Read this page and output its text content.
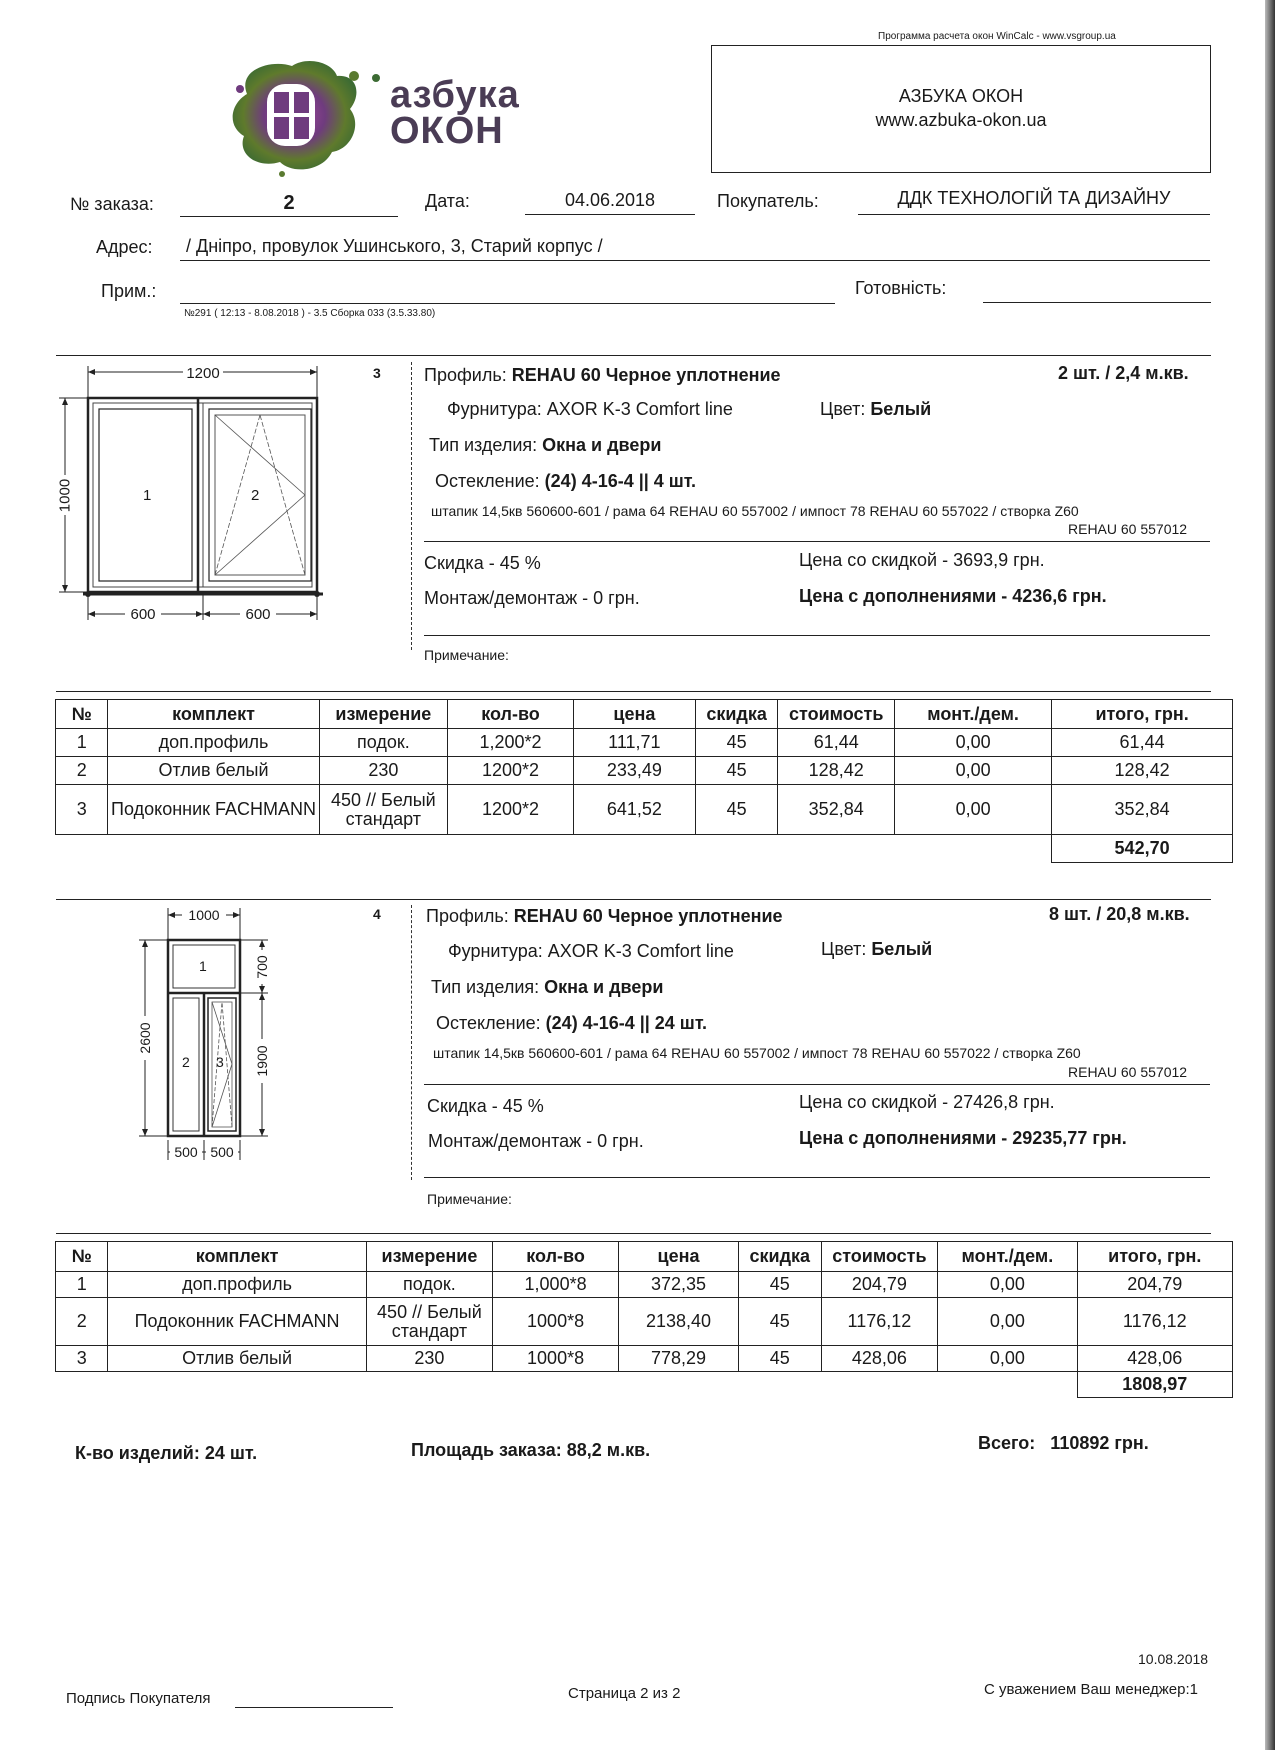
Программа расчета окон WinCalc - www.vsgroup.ua
азбука
ОКОН
АЗБУКА ОКОН
www.azbuka-okon.ua
№ заказа:	2	Дата:	04.06.2018	Покупатель:	ДДК ТЕХНОЛОГІЙ ТА ДИЗАЙНУ
Адрес: / Дніпро, провулок Ушинського, 3, Старий корпус /
Прим.:	Готовність:
№291 ( 12:13 - 8.08.2018 ) - 3.5 Сборка 033 (3.5.33.80)
1200
1000
600	600
1	2
3 Профиль: REHAU 60 Черное уплотнение	2 шт. / 2,4 м.кв.
Фурнитура: AXOR K-3 Comfort line	Цвет: Белый
Тип изделия: Окна и двери
Остекление: (24) 4-16-4 || 4 шт.
штапик 14,5кв 560600-601 / рама 64 REHAU 60 557002 / импост 78 REHAU 60 557022 / створка Z60
REHAU 60 557012
Скидка - 45 %	Цена со скидкой - 3693,9 грн.
Монтаж/демонтаж - 0 грн.	Цена с дополнениями - 4236,6 грн.
Примечание:
№	комплект	измерение	кол-во	цена	скидка	стоимость	монт./дем.	итого, грн.
1	доп.профиль	подок.	1,200*2	111,71	45	61,44	0,00	61,44
2	Отлив белый	230	1200*2	233,49	45	128,42	0,00	128,42
3	Подоконник FACHMANN	450 // Белый стандарт	1200*2	641,52	45	352,84	0,00	352,84
								542,70
1000
2600
700
1900
500 500
1
2 3
4	Профиль: REHAU 60 Черное уплотнение	8 шт. / 20,8 м.кв.
Фурнитура: AXOR K-3 Comfort line	Цвет: Белый
Тип изделия: Окна и двери
Остекление: (24) 4-16-4 || 24 шт.
штапик 14,5кв 560600-601 / рама 64 REHAU 60 557002 / импост 78 REHAU 60 557022 / створка Z60
REHAU 60 557012
Скидка - 45 %	Цена со скидкой - 27426,8 грн.
Монтаж/демонтаж - 0 грн.	Цена с дополнениями - 29235,77 грн.
Примечание:
№	комплект	измерение	кол-во	цена	скидка	стоимость	монт./дем.	итого, грн.
1	доп.профиль	подок.	1,000*8	372,35	45	204,79	0,00	204,79
2	Подоконник FACHMANN	450 // Белый стандарт	1000*8	2138,40	45	1176,12	0,00	1176,12
3	Отлив белый	230	1000*8	778,29	45	428,06	0,00	428,06
								1808,97
К-во изделий: 24 шт.	Площадь заказа: 88,2 м.кв.	Всего: 110892 грн.
10.08.2018
Подпись Покупателя	Страница 2 из 2	С уважением Ваш менеджер:1
